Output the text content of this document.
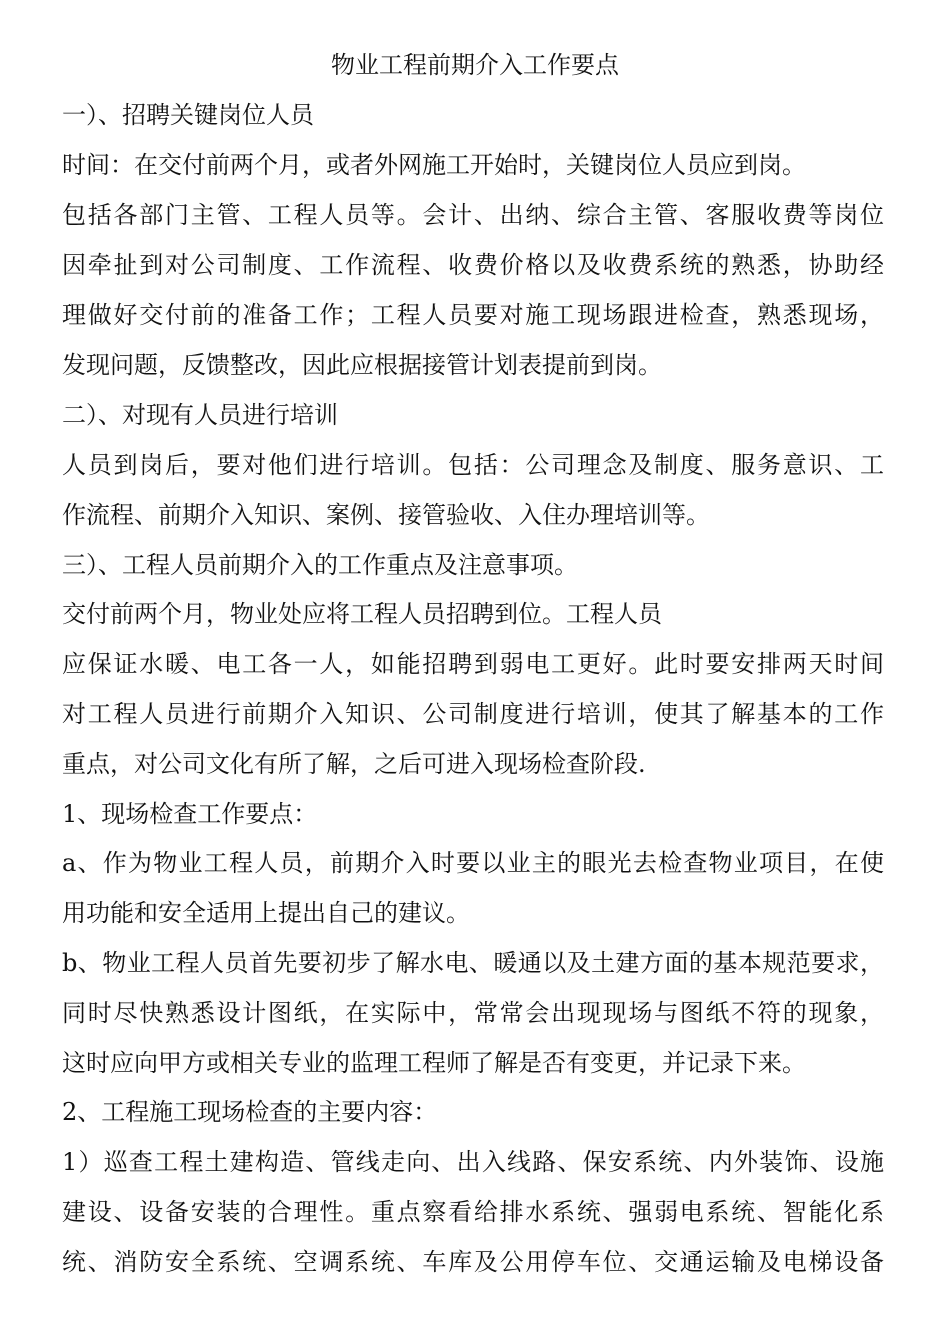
物业工程前期介入工作要点
一）、招聘关键岗位人员
时间：在交付前两个月，或者外网施工开始时，关键岗位人员应到岗。
包括各部门主管、工程人员等。会计、出纳、综合主管、客服收费等岗位
因牵扯到对公司制度、工作流程、收费价格以及收费系统的熟悉，协助经
理做好交付前的准备工作；工程人员要对施工现场跟进检查，熟悉现场，
发现问题，反馈整改，因此应根据接管计划表提前到岗。
二）、对现有人员进行培训
人员到岗后，要对他们进行培训。包括：公司理念及制度、服务意识、工
作流程、前期介入知识、案例、接管验收、入住办理培训等。
三）、工程人员前期介入的工作重点及注意事项。
交付前两个月，物业处应将工程人员招聘到位。工程人员
应保证水暖、电工各一人，如能招聘到弱电工更好。此时要安排两天时间
对工程人员进行前期介入知识、公司制度进行培训，使其了解基本的工作
重点，对公司文化有所了解，之后可进入现场检查阶段.
1、现场检查工作要点：
a、作为物业工程人员，前期介入时要以业主的眼光去检查物业项目，在使
用功能和安全适用上提出自己的建议。
b、物业工程人员首先要初步了解水电、暖通以及土建方面的基本规范要求，
同时尽快熟悉设计图纸，在实际中，常常会出现现场与图纸不符的现象，
这时应向甲方或相关专业的监理工程师了解是否有变更，并记录下来。
2、工程施工现场检查的主要内容：
1）巡查工程土建构造、管线走向、出入线路、保安系统、内外装饰、设施
建设、设备安装的合理性。重点察看给排水系统、强弱电系统、智能化系
统、消防安全系统、空调系统、车库及公用停车位、交通运输及电梯设备
